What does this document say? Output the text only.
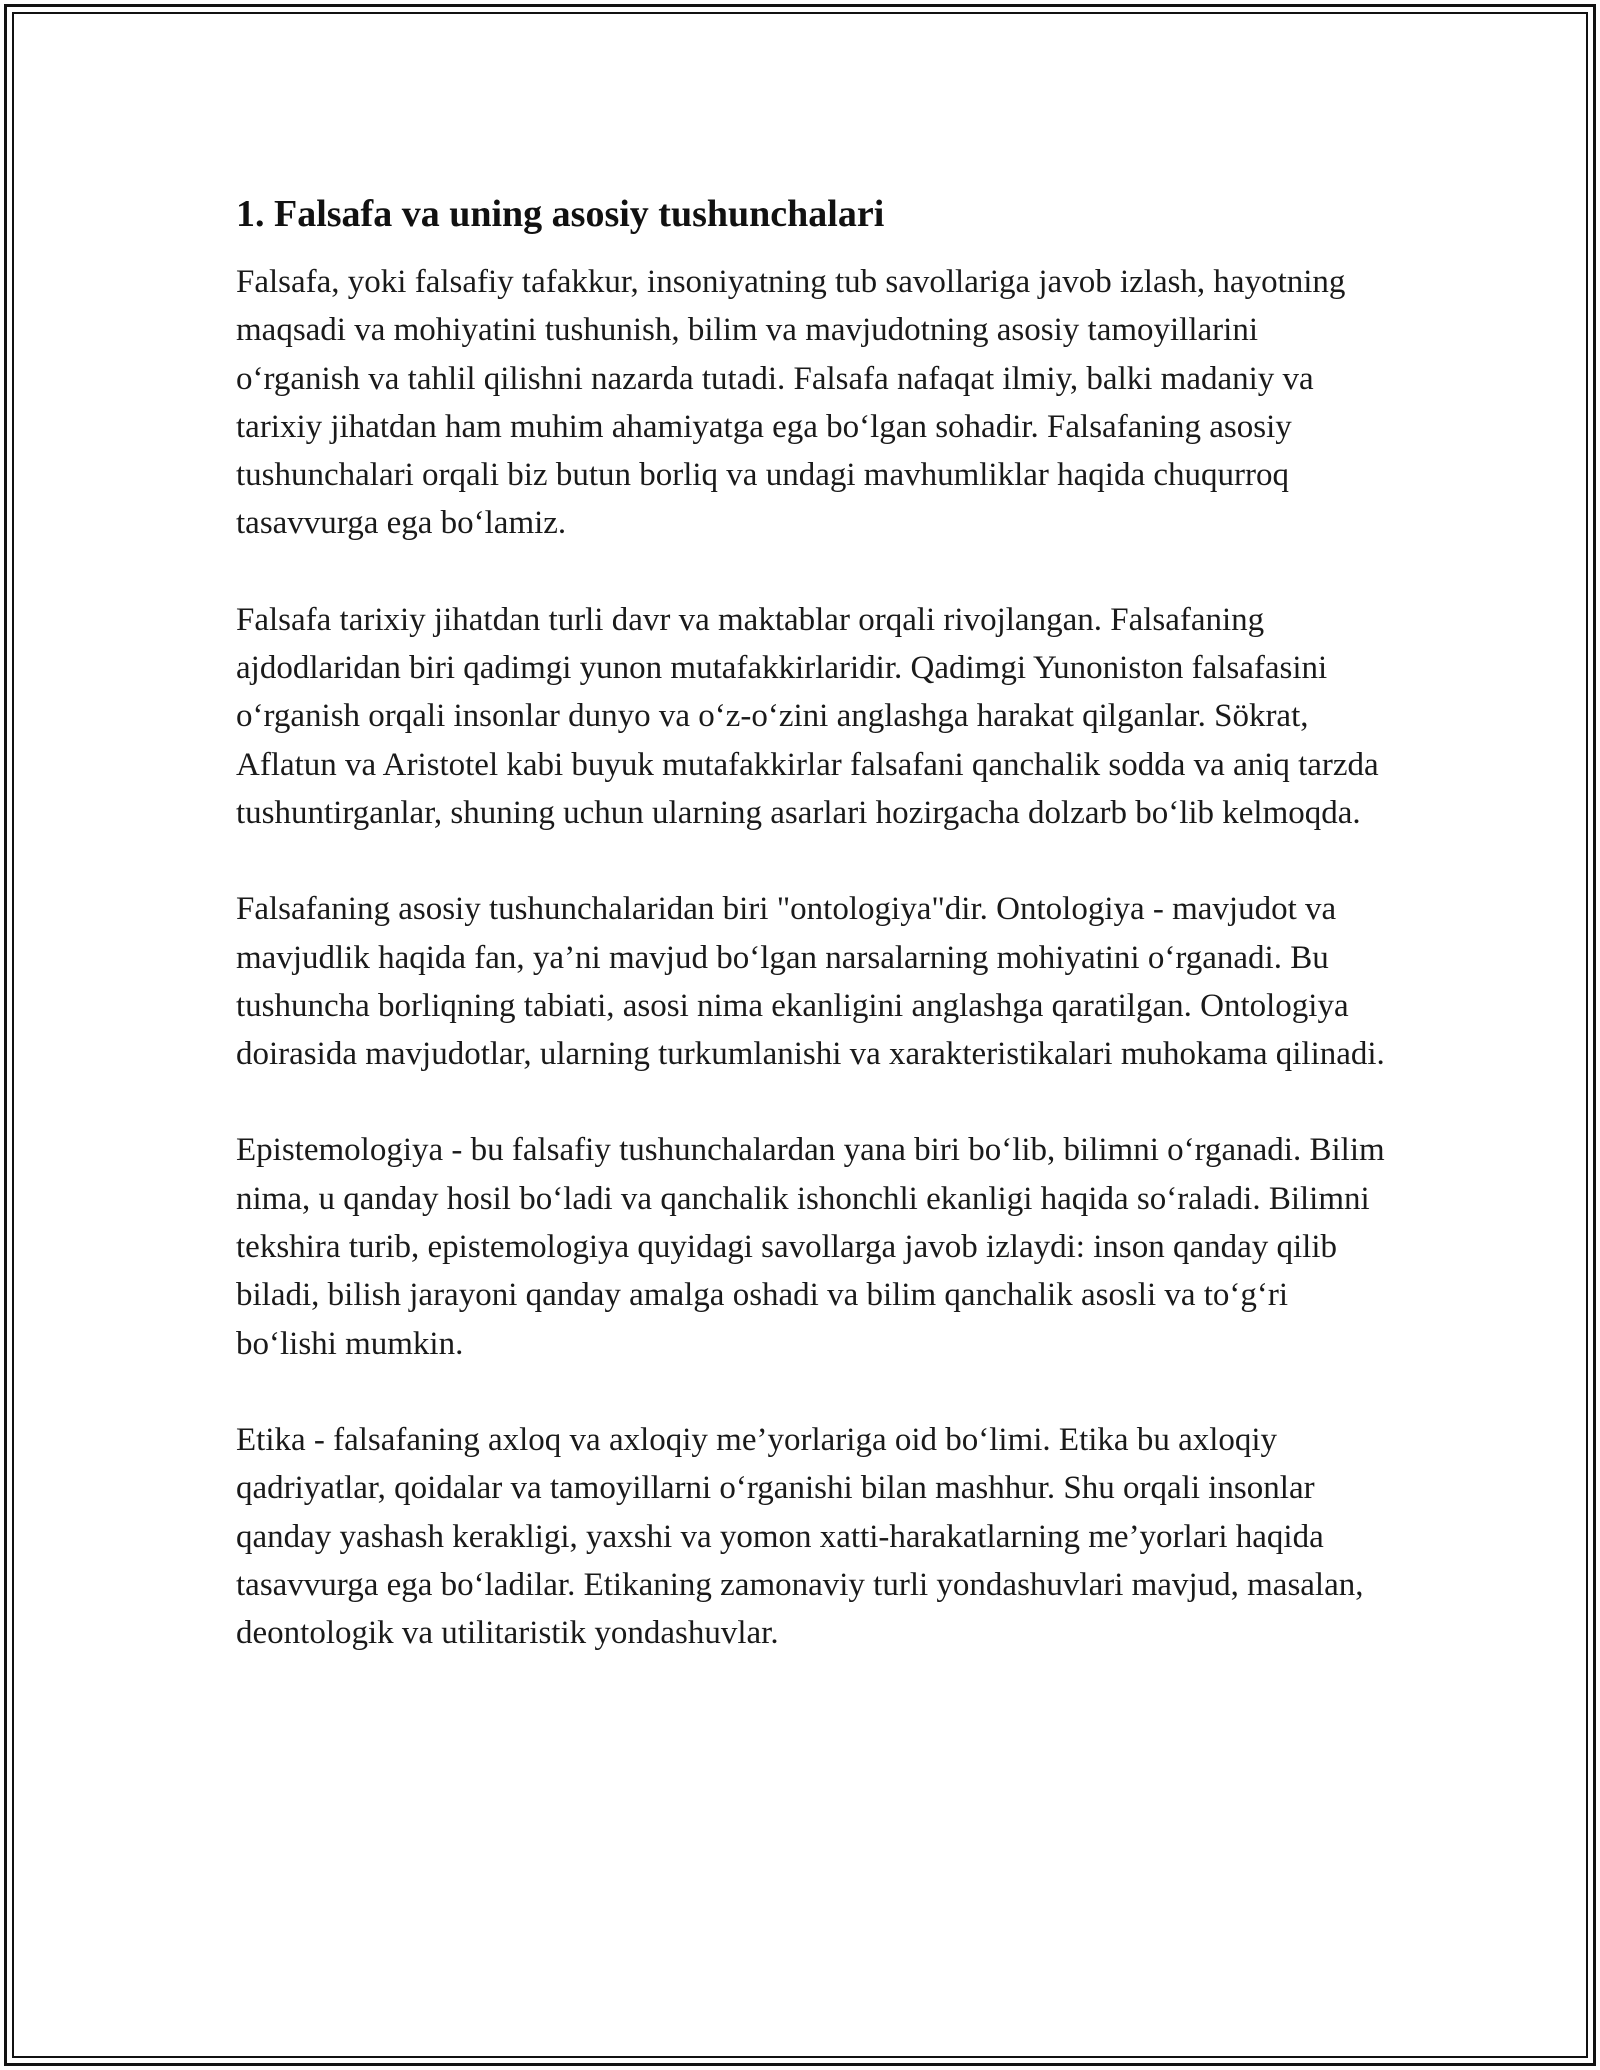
1. Falsafa va uning asosiy tushunchalari

Falsafa, yoki falsafiy tafakkur, insoniyatning tub savollariga javob izlash, hayotning maqsadi va mohiyatini tushunish, bilim va mavjudotning asosiy tamoyillarini o‘rganish va tahlil qilishni nazarda tutadi. Falsafa nafaqat ilmiy, balki madaniy va tarixiy jihatdan ham muhim ahamiyatga ega bo‘lgan sohadir. Falsafaning asosiy tushunchalari orqali biz butun borliq va undagi mavhumliklar haqida chuqurroq tasavvurga ega bo‘lamiz.

Falsafa tarixiy jihatdan turli davr va maktablar orqali rivojlangan. Falsafaning ajdodlaridan biri qadimgi yunon mutafakkirlaridir. Qadimgi Yunoniston falsafasini o‘rganish orqali insonlar dunyo va o‘z-o‘zini anglashga harakat qilganlar. Sökrat, Aflatun va Aristotel kabi buyuk mutafakkirlar falsafani qanchalik sodda va aniq tarzda tushuntirganlar, shuning uchun ularning asarlari hozirgacha dolzarb bo‘lib kelmoqda.

Falsafaning asosiy tushunchalaridan biri "ontologiya"dir. Ontologiya - mavjudot va mavjudlik haqida fan, ya’ni mavjud bo‘lgan narsalarning mohiyatini o‘rganadi. Bu tushuncha borliqning tabiati, asosi nima ekanligini anglashga qaratilgan. Ontologiya doirasida mavjudotlar, ularning turkumlanishi va xarakteristikalari muhokama qilinadi.

Epistemologiya - bu falsafiy tushunchalardan yana biri bo‘lib, bilimni o‘rganadi. Bilim nima, u qanday hosil bo‘ladi va qanchalik ishonchli ekanligi haqida so‘raladi. Bilimni tekshira turib, epistemologiya quyidagi savollarga javob izlaydi: inson qanday qilib biladi, bilish jarayoni qanday amalga oshadi va bilim qanchalik asosli va to‘g‘ri bo‘lishi mumkin.

Etika - falsafaning axloq va axloqiy me’yorlariga oid bo‘limi. Etika bu axloqiy qadriyatlar, qoidalar va tamoyillarni o‘rganishi bilan mashhur. Shu orqali insonlar qanday yashash kerakligi, yaxshi va yomon xatti-harakatlarning me’yorlari haqida tasavvurga ega bo‘ladilar. Etikaning zamonaviy turli yondashuvlari mavjud, masalan, deontologik va utilitaristik yondashuvlar.
